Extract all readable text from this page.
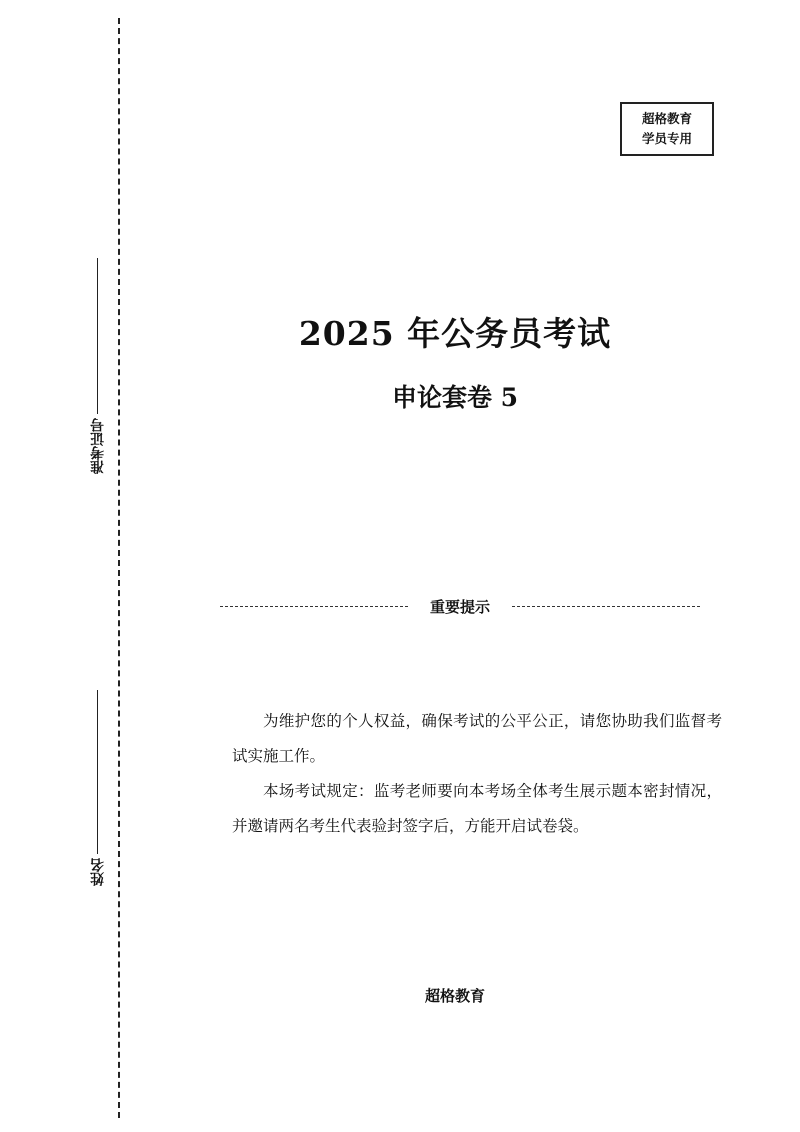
准考证号
姓名
超格教育
学员专用
2025 年公务员考试
申论套卷 5
重要提示

为维护您的个人权益，确保考试的公平公正，请您协助我们监督考试实施工作。

本场考试规定：监考老师要向本考场全体考生展示题本密封情况，并邀请两名考生代表验封签字后，方能开启试卷袋。

超格教育
